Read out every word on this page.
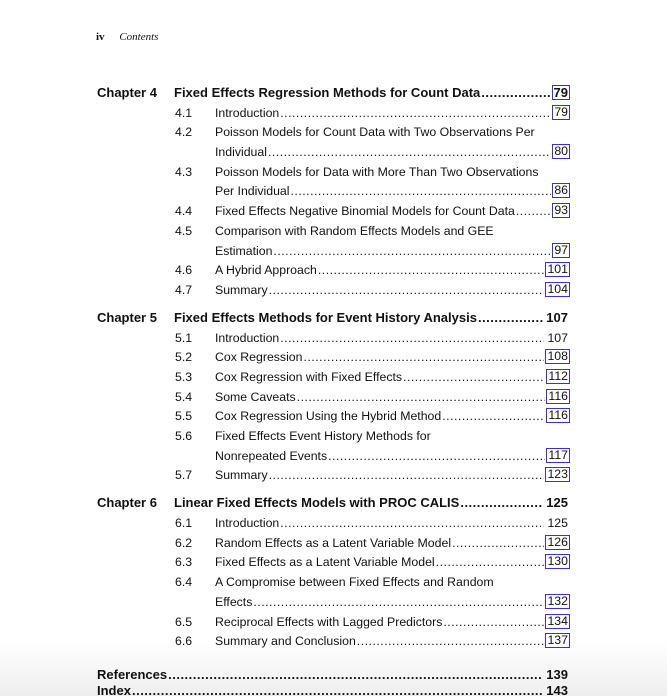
iv Contents
Chapter 4	Fixed Effects Regression Methods for Count Data .....	79
4.1	Introduction .....	79
4.2	Poisson Models for Count Data with Two Observations Per
Individual .....	80
4.3	Poisson Models for Data with More Than Two Observations
Per Individual .....	86
4.4	Fixed Effects Negative Binomial Models for Count Data .....	93
4.5	Comparison with Random Effects Models and GEE
Estimation .....	97
4.6	A Hybrid Approach .....	101
4.7	Summary .....	104
Chapter 5	Fixed Effects Methods for Event History Analysis .....	107
5.1	Introduction .....	107
5.2	Cox Regression .....	108
5.3	Cox Regression with Fixed Effects .....	112
5.4	Some Caveats .....	116
5.5	Cox Regression Using the Hybrid Method .....	116
5.6	Fixed Effects Event History Methods for
Nonrepeated Events .....	117
5.7	Summary .....	123
Chapter 6	Linear Fixed Effects Models with PROC CALIS .....	125
6.1	Introduction .....	125
6.2	Random Effects as a Latent Variable Model .....	126
6.3	Fixed Effects as a Latent Variable Model .....	130
6.4	A Compromise between Fixed Effects and Random
Effects .....	132
6.5	Reciprocal Effects with Lagged Predictors .....	134
6.6	Summary and Conclusion .....	137
References .....	139
Index .....	143
